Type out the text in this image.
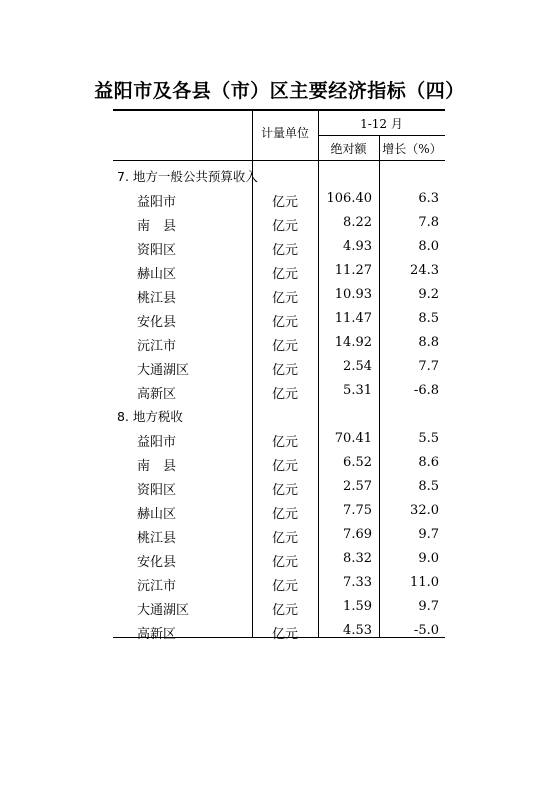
益阳市及各县（市）区主要经济指标（四）
计量单位
1-12 月
绝对额	增长（%）
7. 地方一般公共预算收入
益阳市	亿元	106.40	6.3
南　县	亿元	8.22	7.8
资阳区	亿元	4.93	8.0
赫山区	亿元	11.27	24.3
桃江县	亿元	10.93	9.2
安化县	亿元	11.47	8.5
沅江市	亿元	14.92	8.8
大通湖区	亿元	2.54	7.7
高新区	亿元	5.31	-6.8
8. 地方税收
益阳市	亿元	70.41	5.5
南　县	亿元	6.52	8.6
资阳区	亿元	2.57	8.5
赫山区	亿元	7.75	32.0
桃江县	亿元	7.69	9.7
安化县	亿元	8.32	9.0
沅江市	亿元	7.33	11.0
大通湖区	亿元	1.59	9.7
高新区	亿元	4.53	-5.0
